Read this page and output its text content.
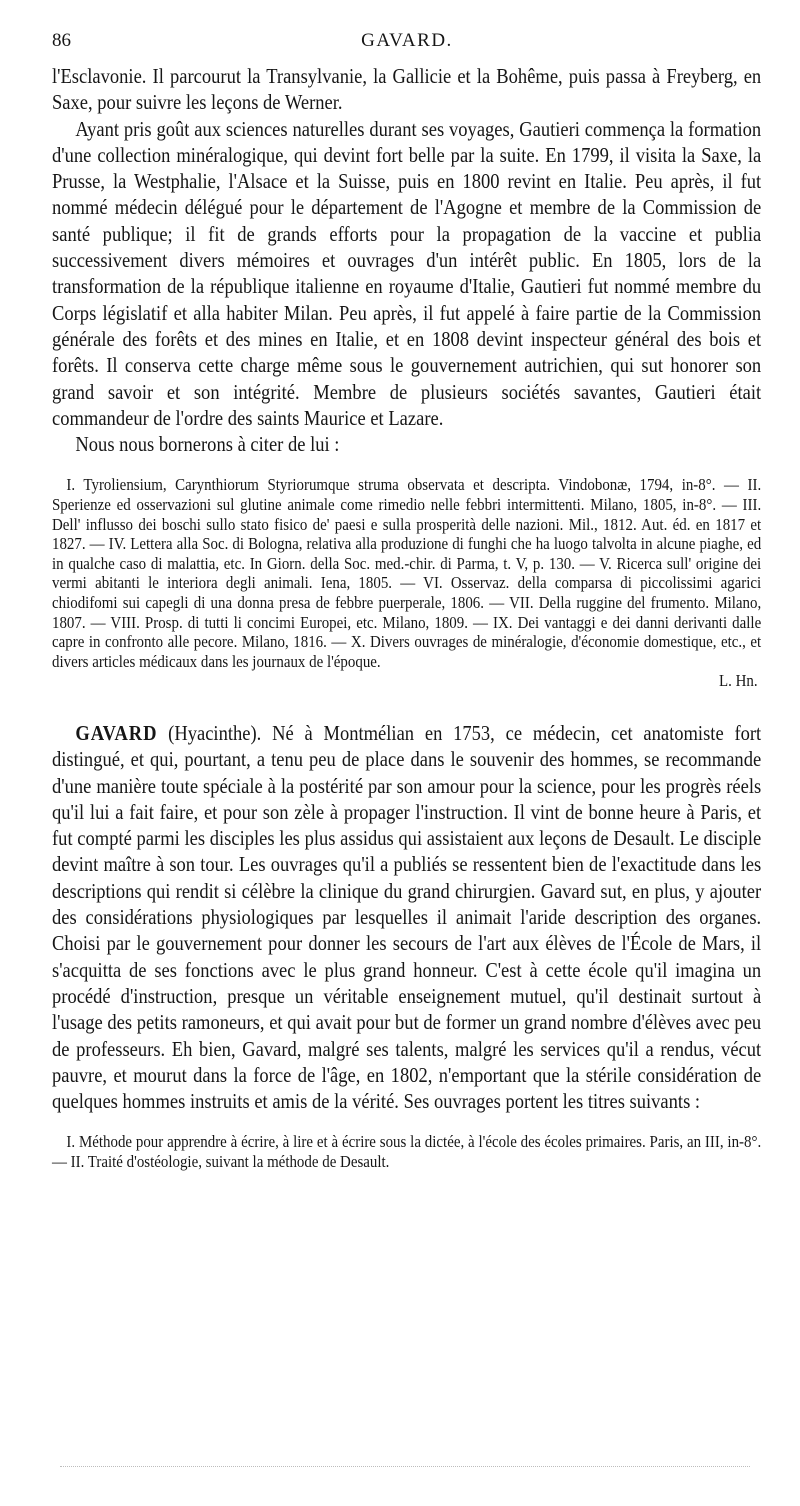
86	GAVARD.

l'Esclavonie. Il parcourut la Transylvanie, la Gallicie et la Bohême, puis passa à Freyberg, en Saxe, pour suivre les leçons de Werner.

Ayant pris goût aux sciences naturelles durant ses voyages, Gautieri commença la formation d'une collection minéralogique, qui devint fort belle par la suite. En 1799, il visita la Saxe, la Prusse, la Westphalie, l'Alsace et la Suisse, puis en 1800 revint en Italie. Peu après, il fut nommé médecin délégué pour le département de l'Agogne et membre de la Commission de santé publique; il fit de grands efforts pour la propagation de la vaccine et publia successivement divers mémoires et ouvrages d'un intérêt public. En 1805, lors de la transformation de la république italienne en royaume d'Italie, Gautieri fut nommé membre du Corps législatif et alla habiter Milan. Peu après, il fut appelé à faire partie de la Commission générale des forêts et des mines en Italie, et en 1808 devint inspecteur général des bois et forêts. Il conserva cette charge même sous le gouvernement autrichien, qui sut honorer son grand savoir et son intégrité. Membre de plusieurs sociétés savantes, Gautieri était commandeur de l'ordre des saints Maurice et Lazare.

Nous nous bornerons à citer de lui :

I. Tyroliensium, Carynthiorum Styriorumque struma observata et descripta. Vindobonæ, 1794, in-8°. — II. Sperienze ed osservazioni sul glutine animale come rimedio nelle febbri intermittenti. Milano, 1805, in-8°. — III. Dell' influsso dei boschi sullo stato fisico de' paesi e sulla prosperità delle nazioni. Mil., 1812. Aut. éd. en 1817 et 1827. — IV. Lettera alla Soc. di Bologna, relativa alla produzione di funghi che ha luogo talvolta in alcune piaghe, ed in qualche caso di malattia, etc. In Giorn. della Soc. med.-chir. di Parma, t. V, p. 130. — V. Ricerca sull' origine dei vermi abitanti le interiora degli animali. Iena, 1805. — VI. Osservaz. della comparsa di piccolissimi agarici chiodifomi sui capegli di una donna presa de febbre puerperale, 1806. — VII. Della ruggine del frumento. Milano, 1807. — VIII. Prosp. di tutti li concimi Europei, etc. Milano, 1809. — IX. Dei vantaggi e dei danni derivanti dalle capre in confronto alle pecore. Milano, 1816. — X. Divers ouvrages de minéralogie, d'économie domestique, etc., et divers articles médicaux dans les journaux de l'époque.

L. Hn.

GAVARD (Hyacinthe). Né à Montmélian en 1753, ce médecin, cet anatomiste fort distingué, et qui, pourtant, a tenu peu de place dans le souvenir des hommes, se recommande d'une manière toute spéciale à la postérité par son amour pour la science, pour les progrès réels qu'il lui a fait faire, et pour son zèle à propager l'instruction. Il vint de bonne heure à Paris, et fut compté parmi les disciples les plus assidus qui assistaient aux leçons de Desault. Le disciple devint maître à son tour. Les ouvrages qu'il a publiés se ressentent bien de l'exactitude dans les descriptions qui rendit si célèbre la clinique du grand chirurgien. Gavard sut, en plus, y ajouter des considérations physiologiques par lesquelles il animait l'aride description des organes. Choisi par le gouvernement pour donner les secours de l'art aux élèves de l'École de Mars, il s'acquitta de ses fonctions avec le plus grand honneur. C'est à cette école qu'il imagina un procédé d'instruction, presque un véritable enseignement mutuel, qu'il destinait surtout à l'usage des petits ramoneurs, et qui avait pour but de former un grand nombre d'élèves avec peu de professeurs. Eh bien, Gavard, malgré ses talents, malgré les services qu'il a rendus, vécut pauvre, et mourut dans la force de l'âge, en 1802, n'emportant que la stérile considération de quelques hommes instruits et amis de la vérité. Ses ouvrages portent les titres suivants :

I. Méthode pour apprendre à écrire, à lire et à écrire sous la dictée, à l'école des écoles primaires. Paris, an III, in-8°. — II. Traité d'ostéologie, suivant la méthode de Desault.
